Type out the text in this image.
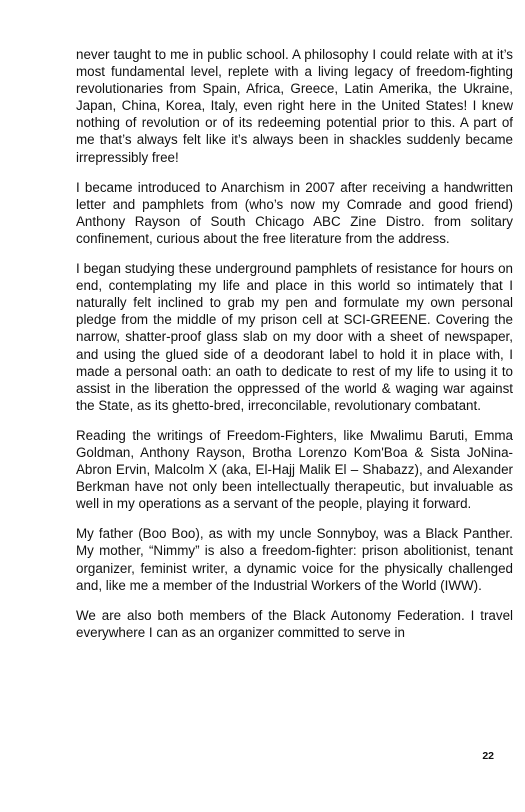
never taught to me in public school. A philosophy I could relate with at it’s most fundamental level, replete with a living legacy of freedom-fighting revolutionaries from Spain, Africa, Greece, Latin Amerika, the Ukraine, Japan, China, Korea, Italy, even right here in the United States! I knew nothing of revolution or of its redeeming potential prior to this. A part of me that’s always felt like it’s always been in shackles suddenly became irrepressibly free!

I became introduced to Anarchism in 2007 after receiving a handwritten letter and pamphlets from (who’s now my Comrade and good friend) Anthony Rayson of South Chicago ABC Zine Distro. from solitary confinement, curious about the free literature from the address.

I began studying these underground pamphlets of resistance for hours on end, contemplating my life and place in this world so intimately that I naturally felt inclined to grab my pen and formulate my own personal pledge from the middle of my prison cell at SCI-GREENE. Covering the narrow, shatter-proof glass slab on my door with a sheet of newspaper, and using the glued side of a deodorant label to hold it in place with, I made a personal oath: an oath to dedicate to rest of my life to using it to assist in the liberation the oppressed of the world & waging war against the State, as its ghetto-bred, irreconcilable, revolutionary combatant.

Reading the writings of Freedom-Fighters, like Mwalimu Baruti, Emma Goldman, Anthony Rayson, Brotha Lorenzo Kom'Boa & Sista JoNina-Abron Ervin, Malcolm X (aka, El-Hajj Malik El – Shabazz), and Alexander Berkman have not only been intellectually therapeutic, but invaluable as well in my operations as a servant of the people, playing it forward.

My father (Boo Boo), as with my uncle Sonnyboy, was a Black Panther. My mother, “Nimmy” is also a freedom-fighter: prison abolitionist, tenant organizer, feminist writer, a dynamic voice for the physically challenged and, like me a member of the Industrial Workers of the World (IWW).

We are also both members of the Black Autonomy Federation. I travel everywhere I can as an organizer committed to serve in

22
